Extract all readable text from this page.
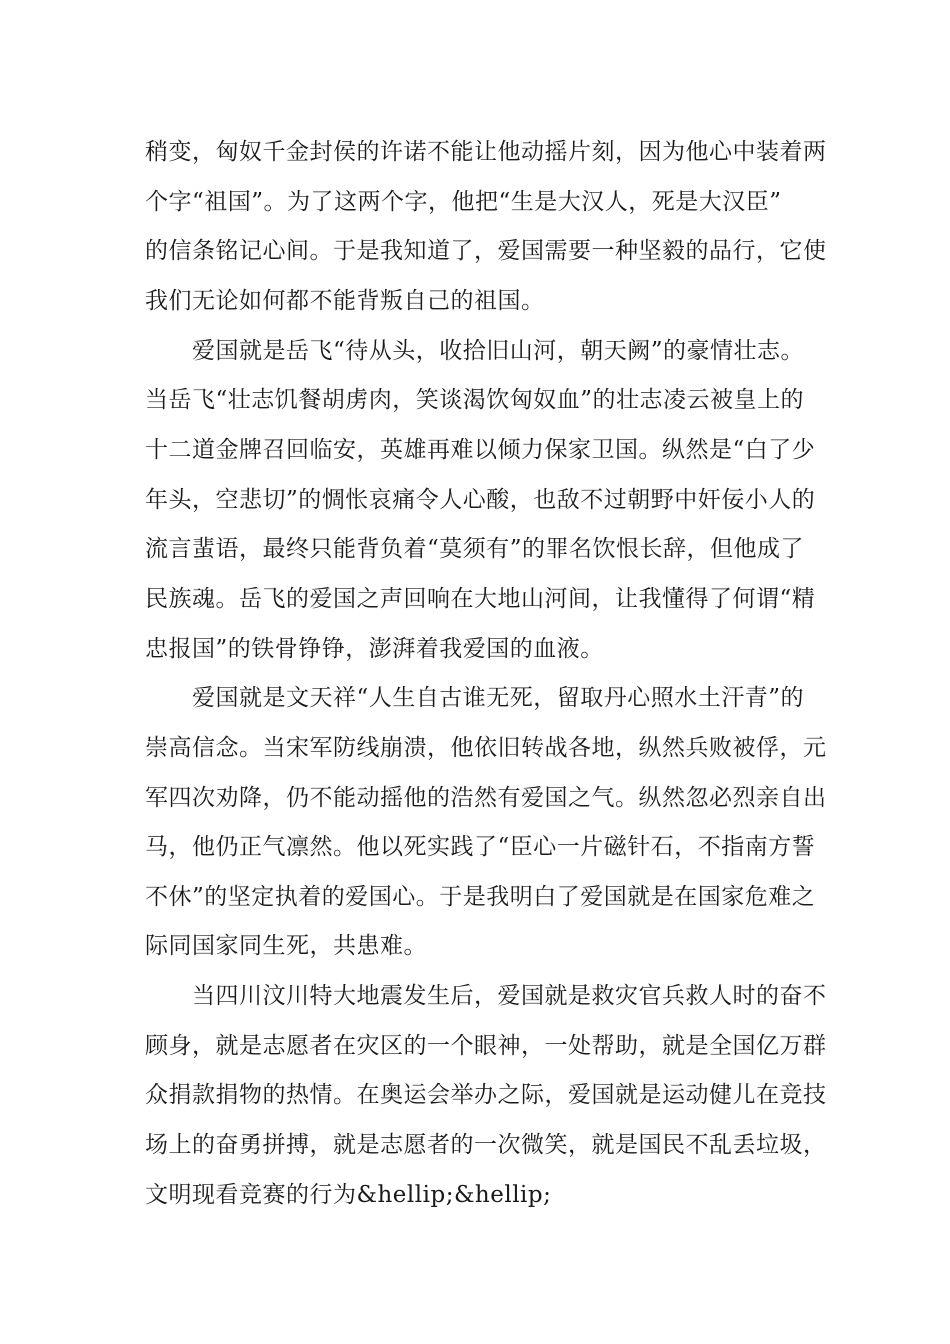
稍变，匈奴千金封侯的许诺不能让他动摇片刻，因为他心中装着两
个字“祖国”。为了这两个字，他把“生是大汉人，死是大汉臣”
的信条铭记心间。于是我知道了，爱国需要一种坚毅的品行，它使
我们无论如何都不能背叛自己的祖国。
爱国就是岳飞“待从头，收拾旧山河，朝天阙”的豪情壮志。
当岳飞“壮志饥餐胡虏肉，笑谈渴饮匈奴血”的壮志凌云被皇上的
十二道金牌召回临安，英雄再难以倾力保家卫国。纵然是“白了少
年头，空悲切”的惆怅哀痛令人心酸，也敌不过朝野中奸佞小人的
流言蜚语，最终只能背负着“莫须有”的罪名饮恨长辞，但他成了
民族魂。岳飞的爱国之声回响在大地山河间，让我懂得了何谓“精
忠报国”的铁骨铮铮，澎湃着我爱国的血液。
爱国就是文天祥“人生自古谁无死，留取丹心照水土汗青”的
崇高信念。当宋军防线崩溃，他依旧转战各地，纵然兵败被俘，元
军四次劝降，仍不能动摇他的浩然有爱国之气。纵然忽必烈亲自出
马，他仍正气凛然。他以死实践了“臣心一片磁针石，不指南方誓
不休”的坚定执着的爱国心。于是我明白了爱国就是在国家危难之
际同国家同生死，共患难。
当四川汶川特大地震发生后，爱国就是救灾官兵救人时的奋不
顾身，就是志愿者在灾区的一个眼神，一处帮助，就是全国亿万群
众捐款捐物的热情。在奥运会举办之际，爱国就是运动健儿在竞技
场上的奋勇拼搏，就是志愿者的一次微笑，就是国民不乱丢垃圾，
文明现看竞赛的行为&hellip;&hellip;
